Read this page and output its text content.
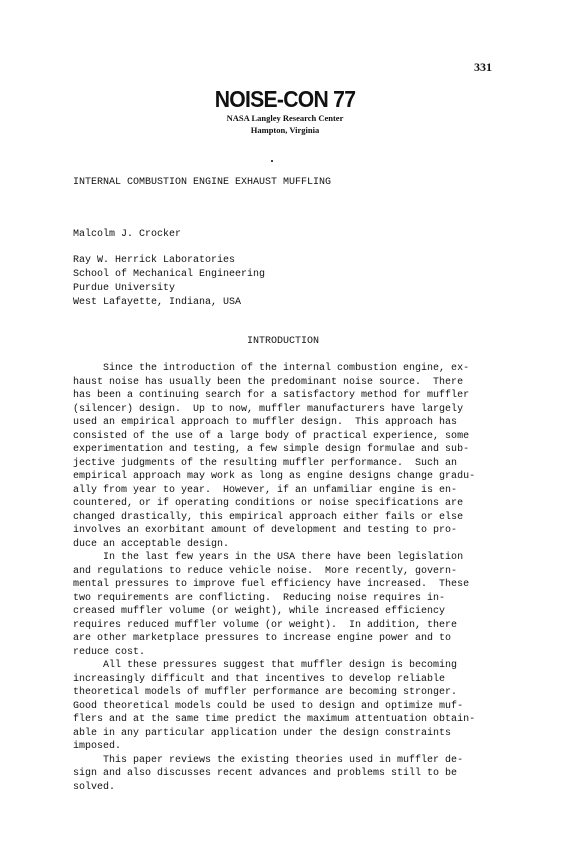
331

NOISE-CON 77

NASA Langley Research Center

Hampton, Virginia

INTERNAL COMBUSTION ENGINE EXHAUST MUFFLING

Malcolm J. Crocker

Ray W. Herrick Laboratories

School of Mechanical Engineering

Purdue University

West Lafayette, Indiana, USA

INTRODUCTION

Since the introduction of the internal combustion engine, ex-
haust noise has usually been the predominant noise source.  There
has been a continuing search for a satisfactory method for muffler
(silencer) design.  Up to now, muffler manufacturers have largely
used an empirical approach to muffler design.  This approach has
consisted of the use of a large body of practical experience, some
experimentation and testing, a few simple design formulae and sub-
jective judgments of the resulting muffler performance.  Such an
empirical approach may work as long as engine designs change gradu-
ally from year to year.  However, if an unfamiliar engine is en-
countered, or if operating conditions or noise specifications are
changed drastically, this empirical approach either fails or else
involves an exorbitant amount of development and testing to pro-
duce an acceptable design.

In the last few years in the USA there have been legislation
and regulations to reduce vehicle noise.  More recently, govern-
mental pressures to improve fuel efficiency have increased.  These
two requirements are conflicting.  Reducing noise requires in-
creased muffler volume (or weight), while increased efficiency
requires reduced muffler volume (or weight).  In addition, there
are other marketplace pressures to increase engine power and to
reduce cost.

All these pressures suggest that muffler design is becoming
increasingly difficult and that incentives to develop reliable
theoretical models of muffler performance are becoming stronger.
Good theoretical models could be used to design and optimize muf-
flers and at the same time predict the maximum attentuation obtain-
able in any particular application under the design constraints
imposed.

This paper reviews the existing theories used in muffler de-
sign and also discusses recent advances and problems still to be
solved.
